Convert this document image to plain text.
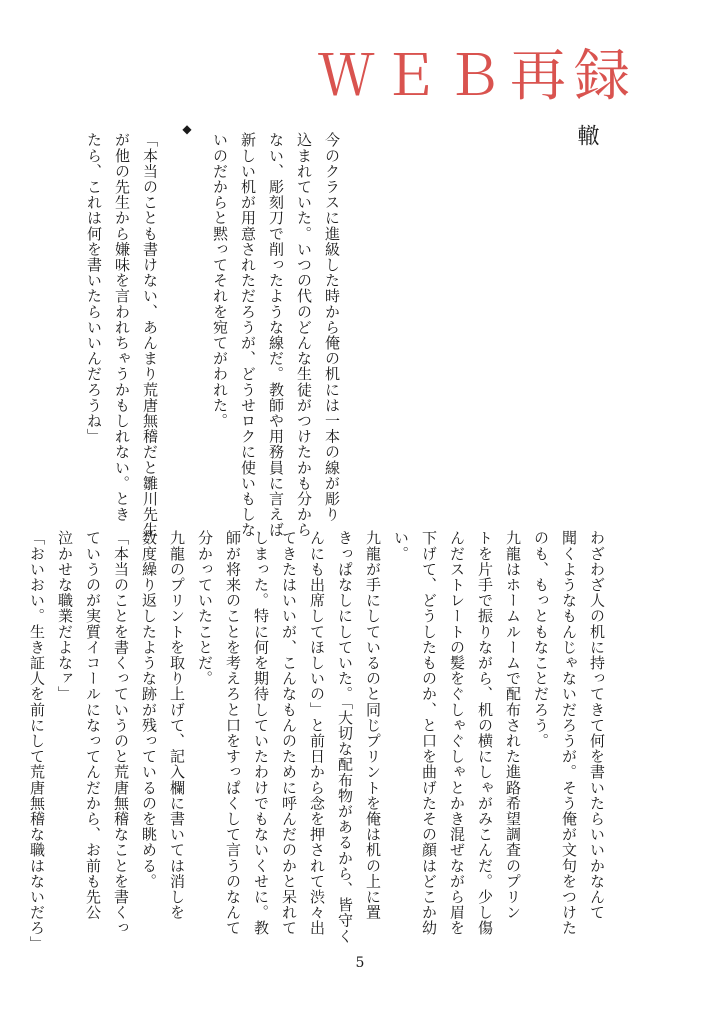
ＷＥＢ再録
轍

今のクラスに進級した時から俺の机には一本の線が彫り

込まれていた。いつの代のどんな生徒がつけたかも分から

ない、彫刻刀で削ったような線だ。教師や用務員に言えば

新しい机が用意されただろうが、どうせロクに使いもしな

いのだからと黙ってそれを宛てがわれた。

◆

「本当のことも書けない、あんまり荒唐無稽だと雛川先生

が他の先生から嫌味を言われちゃうかもしれない。とき

たら、これは何を書いたらいいんだろうね」

わざわざ人の机に持ってきて何を書いたらいいかなんて

聞くようなもんじゃないだろうが。そう俺が文句をつけた

のも、もっともなことだろう。

九龍はホームルームで配布された進路希望調査のプリン

トを片手で振りながら、机の横にしゃがみこんだ。少し傷

んだストレートの髪をぐしゃぐしゃとかき混ぜながら眉を

下げて、どうしたものか、と口を曲げたその顔はどこか幼

い。

九龍が手にしているのと同じプリントを俺は机の上に置

きっぱなしにしていた。「大切な配布物があるから、皆守く

んにも出席してほしいの」と前日から念を押されて渋々出

てきたはいいが、こんなもんのために呼んだのかと呆れて

しまった。特に何を期待していたわけでもないくせに。教

師が将来のことを考えろと口をすっぱくして言うのなんて

分かっていたことだ。

九龍のプリントを取り上げて、記入欄に書いては消しを

数度繰り返したような跡が残っているのを眺める。

「本当のことを書くっていうのと荒唐無稽なことを書くっ

ていうのが実質イコールになってんだから、お前も先公

泣かせな職業だよなァ」

「おいおい。生き証人を前にして荒唐無稽な職はないだろ」

5
